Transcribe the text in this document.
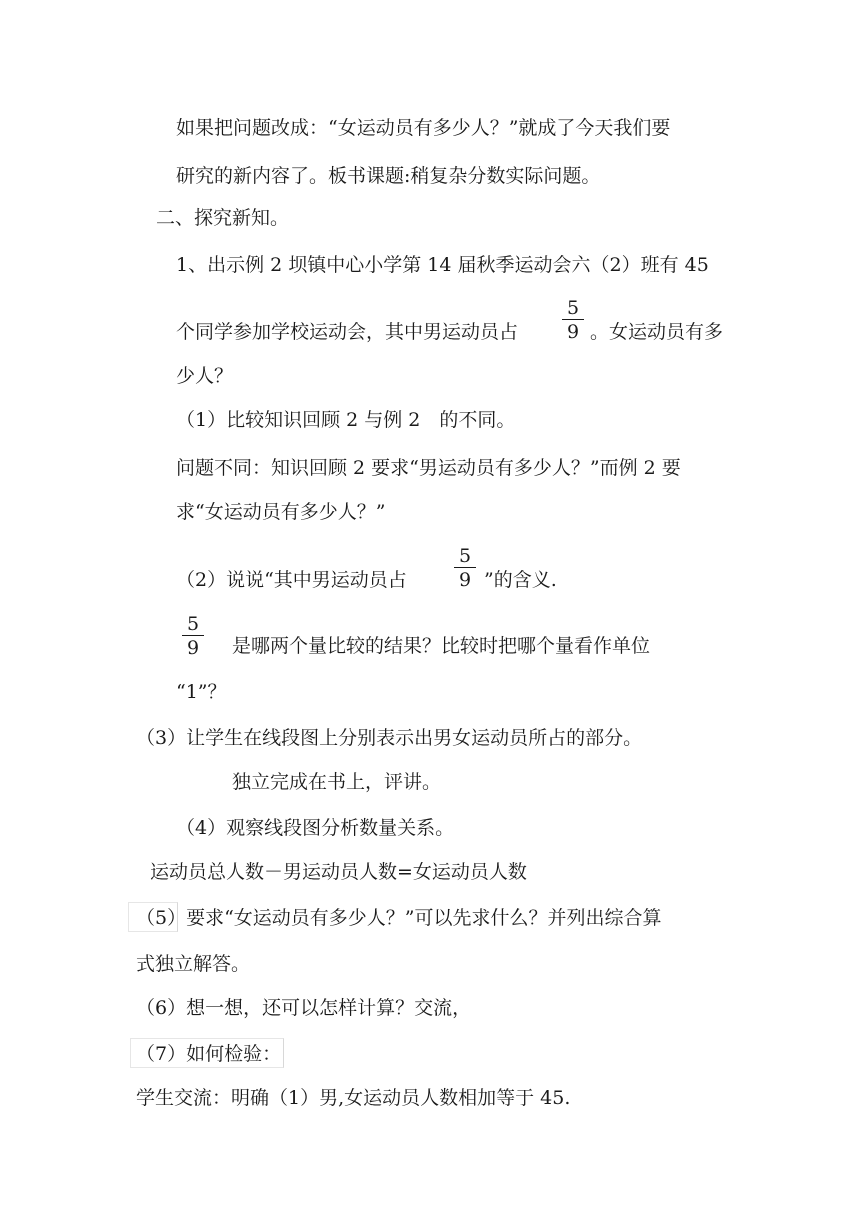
如果把问题改成：“女运动员有多少人？”就成了今天我们要
研究的新内容了。板书课题:稍复杂分数实际问题。
二、探究新知。
1、出示例 2 坝镇中心小学第 14 届秋季运动会六（2）班有 45
个同学参加学校运动会，其中男运动员占
5
9 。女运动员有多
少人？
（1）比较知识回顾 2 与例 2　的不同。
问题不同：知识回顾 2 要求“男运动员有多少人？”而例 2 要
求“女运动员有多少人？”
（2）说说“其中男运动员占
5
9 ”的含义.
5
9 是哪两个量比较的结果？比较时把哪个量看作单位
“1”？
（3）让学生在线段图上分别表示出男女运动员所占的部分。
独立完成在书上，评讲。
（4）观察线段图分析数量关系。
运动员总人数－男运动员人数=女运动员人数
（5）要求“女运动员有多少人？”可以先求什么？并列出综合算
式独立解答。
（6）想一想，还可以怎样计算？交流，
（7）如何检验：
学生交流：明确（1）男,女运动员人数相加等于 45.
